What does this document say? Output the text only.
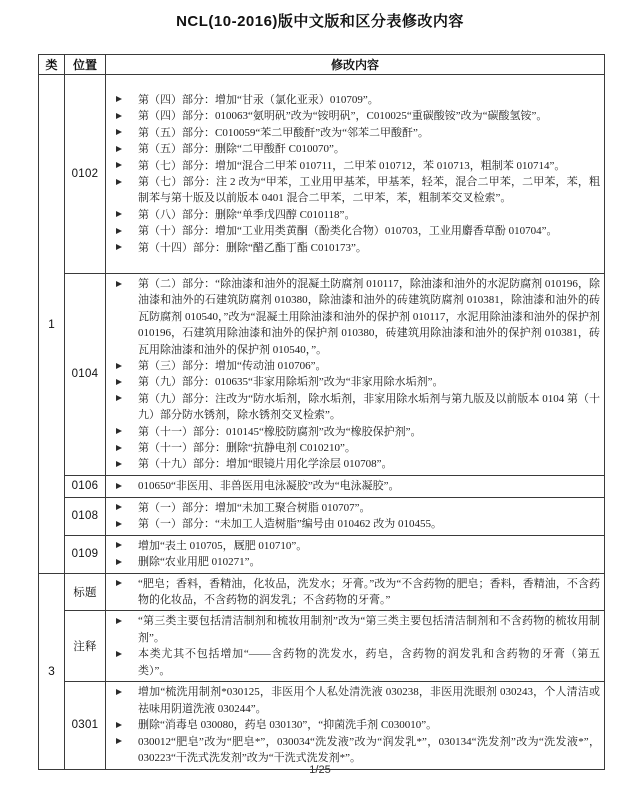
NCL(10-2016)版中文版和区分表修改内容
类	位置	修改内容
1	0102	
第（四）部分：增加“甘汞（氯化亚汞）010709”。
第（四）部分：010063“氨明矾”改为“铵明矾”，C010025“重碳酸铵”改为“碳酸氢铵”。
第（五）部分：C010059“苯二甲酸酐”改为“邻苯二甲酸酐”。
第（五）部分：删除“二甲酸酐 C010070”。
第（七）部分：增加“混合二甲苯 010711，二甲苯 010712，苯 010713，粗制苯 010714”。
第（七）部分：注 2 改为“甲苯，工业用甲基苯，甲基苯，轻苯，混合二甲苯，二甲苯，苯，粗制苯与第十版及以前版本 0401 混合二甲苯，二甲苯，苯，粗制苯交叉检索”。
第（八）部分：删除“单季戊四醇 C010118”。
第（十）部分：增加“工业用类黄酮（酚类化合物）010703，工业用麝香草酚 010704”。
第（十四）部分：删除“醋乙酯丁酯 C010173”。

0104	
第（二）部分：“除油漆和油外的混凝土防腐剂 010117，除油漆和油外的水泥防腐剂 010196，除油漆和油外的石建筑防腐剂 010380，除油漆和油外的砖建筑防腐剂 010381，除油漆和油外的砖瓦防腐剂 010540，”改为“混凝土用除油漆和油外的保护剂 010117，水泥用除油漆和油外的保护剂 010196，石建筑用除油漆和油外的保护剂 010380，砖建筑用除油漆和油外的保护剂 010381，砖瓦用除油漆和油外的保护剂 010540，”。
第（三）部分：增加“传动油 010706”。
第（九）部分：010635“非家用除垢剂”改为“非家用除水垢剂”。
第（九）部分：注改为“防水垢剂，除水垢剂，非家用除水垢剂与第九版及以前版本 0104 第（十九）部分防水锈剂，除水锈剂交叉检索”。
第（十一）部分：010145“橡胶防腐剂”改为“橡胶保护剂”。
第（十一）部分：删除“抗静电剂 C010210”。
第（十九）部分：增加“眼镜片用化学涂层 010708”。

0106	010650“非医用、非兽医用电泳凝胶”改为“电泳凝胶”。

0108	
第（一）部分：增加“未加工聚合树脂 010707”。
第（一）部分：“未加工人造树脂”编号由 010462 改为 010455。

0109	
增加“表土 010705，厩肥 010710”。
删除“农业用肥 010271”。

3	标题	
“肥皂；香料，香精油，化妆品，洗发水；牙膏。”改为“不含药物的肥皂；香料，香精油，不含药物的化妆品，不含药物的润发乳；不含药物的牙膏。”

注释	
“第三类主要包括清洁制剂和梳妆用制剂”改为“第三类主要包括清洁制剂和不含药物的梳妆用制剂”。
本类尤其不包括增加“——含药物的洗发水，药皂，含药物的润发乳和含药物的牙膏（第五类）”。

0301	
增加“梳洗用制剂*030125，非医用个人私处清洗液 030238，非医用洗眼剂 030243，个人清洁或祛味用阴道洗液 030244”。
删除“消毒皂 030080，药皂 030130”，“抑菌洗手剂 C030010”。
030012“肥皂”改为“肥皂*”，030034“洗发液”改为“润发乳*”，030134“洗发剂”改为“洗发液*”，030223“干洗式洗发剂”改为“干洗式洗发剂*”。
1/25
